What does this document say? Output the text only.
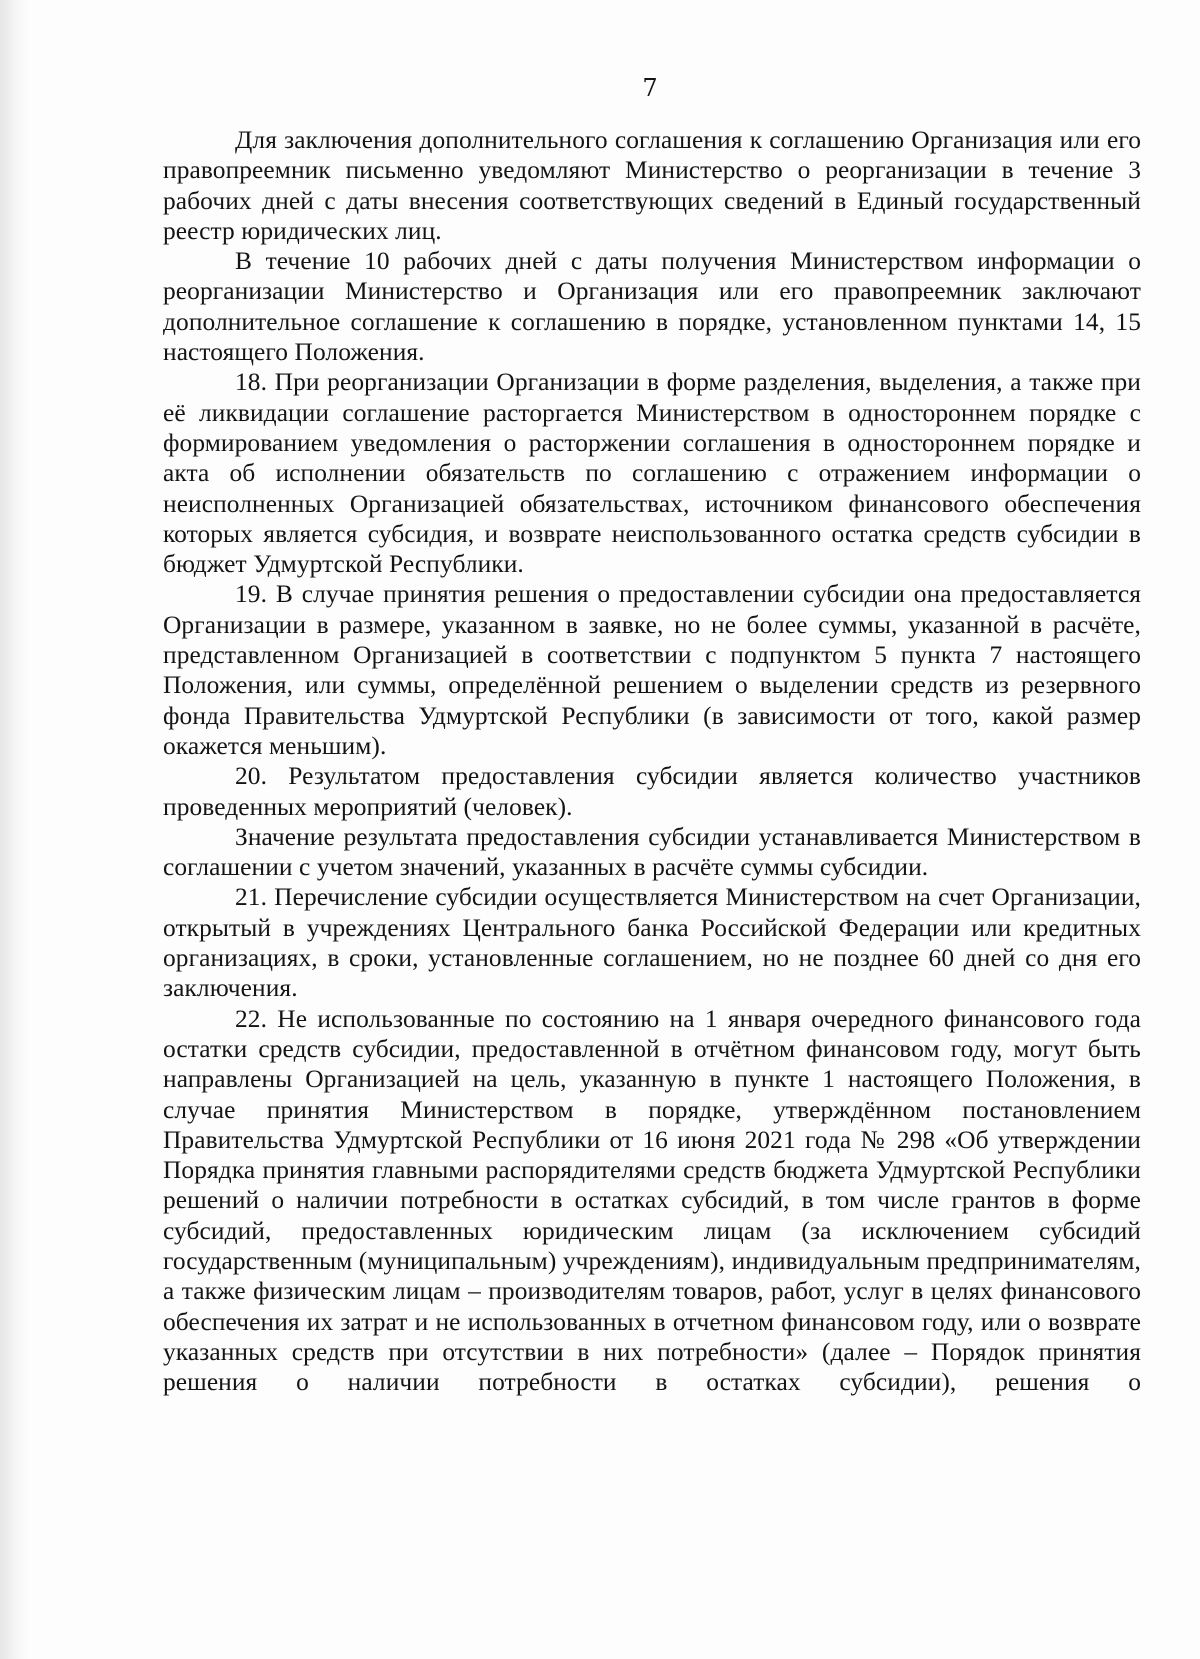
7

Для заключения дополнительного соглашения к соглашению Организация или его правопреемник письменно уведомляют Министерство о реорганизации в течение 3 рабочих дней с даты внесения соответствующих сведений в Единый государственный реестр юридических лиц.

В течение 10 рабочих дней с даты получения Министерством информации о реорганизации Министерство и Организация или его правопреемник заключают дополнительное соглашение к соглашению в порядке, установленном пунктами 14, 15 настоящего Положения.

18. При реорганизации Организации в форме разделения, выделения, а также при её ликвидации соглашение расторгается Министерством в одностороннем порядке с формированием уведомления о расторжении соглашения в одностороннем порядке и акта об исполнении обязательств по соглашению с отражением информации о неисполненных Организацией обязательствах, источником финансового обеспечения которых является субсидия, и возврате неиспользованного остатка средств субсидии в бюджет Удмуртской Республики.

19. В случае принятия решения о предоставлении субсидии она предоставляется Организации в размере, указанном в заявке, но не более суммы, указанной в расчёте, представленном Организацией в соответствии с подпунктом 5 пункта 7 настоящего Положения, или суммы, определённой решением о выделении средств из резервного фонда Правительства Удмуртской Республики (в зависимости от того, какой размер окажется меньшим).

20. Результатом предоставления субсидии является количество участников проведенных мероприятий (человек).

Значение результата предоставления субсидии устанавливается Министерством в соглашении с учетом значений, указанных в расчёте суммы субсидии.

21. Перечисление субсидии осуществляется Министерством на счет Организации, открытый в учреждениях Центрального банка Российской Федерации или кредитных организациях, в сроки, установленные соглашением, но не позднее 60 дней со дня его заключения.

22. Не использованные по состоянию на 1 января очередного финансового года остатки средств субсидии, предоставленной в отчётном финансовом году, могут быть направлены Организацией на цель, указанную в пункте 1 настоящего Положения, в случае принятия Министерством в порядке, утверждённом постановлением Правительства Удмуртской Республики от 16 июня 2021 года № 298 «Об утверждении Порядка принятия главными распорядителями средств бюджета Удмуртской Республики решений о наличии потребности в остатках субсидий, в том числе грантов в форме субсидий, предоставленных юридическим лицам (за исключением субсидий государственным (муниципальным) учреждениям), индивидуальным предпринимателям, а также физическим лицам – производителям товаров, работ, услуг в целях финансового обеспечения их затрат и не использованных в отчетном финансовом году, или о возврате указанных средств при отсутствии в них потребности» (далее – Порядок принятия решения о наличии потребности в остатках субсидии), решения о
